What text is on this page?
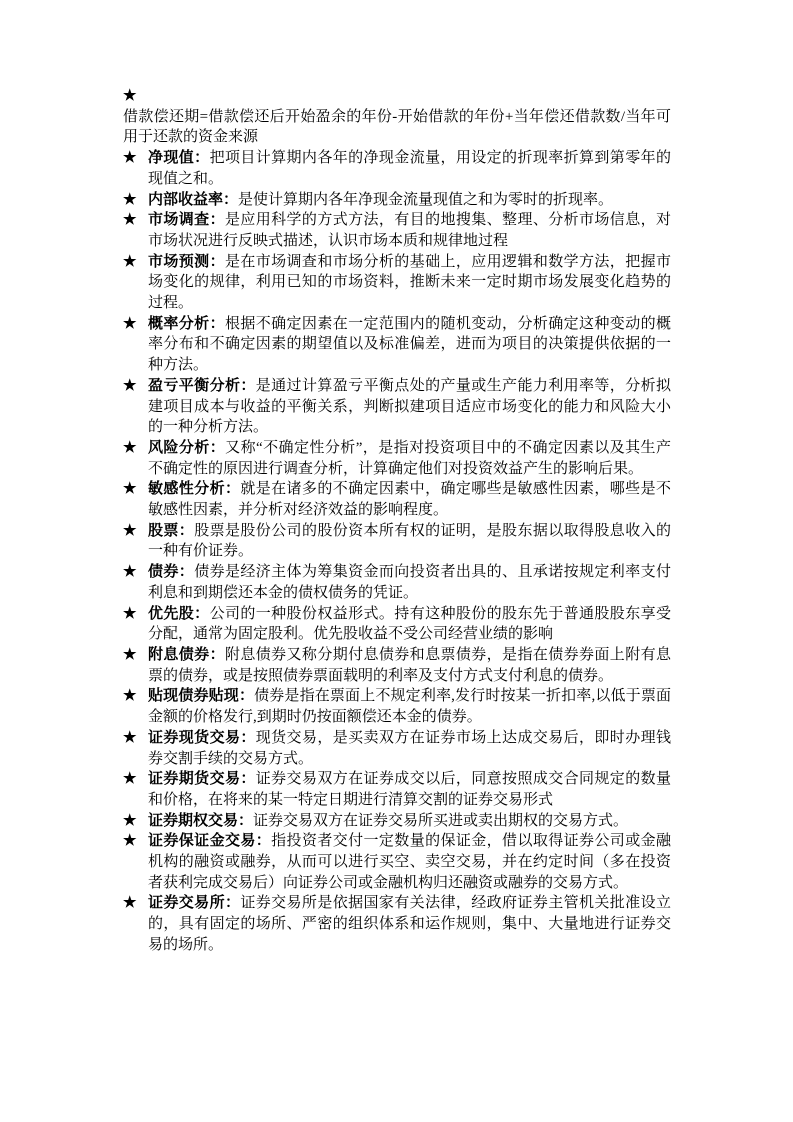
★
借款偿还期=借款偿还后开始盈余的年份-开始借款的年份+当年偿还借款数/当年可用于还款的资金来源
★ 净现值：把项目计算期内各年的净现金流量，用设定的折现率折算到第零年的现值之和。
★ 内部收益率：是使计算期内各年净现金流量现值之和为零时的折现率。
★ 市场调查：是应用科学的方式方法，有目的地搜集、整理、分析市场信息，对市场状况进行反映式描述，认识市场本质和规律地过程
★ 市场预测：是在市场调查和市场分析的基础上，应用逻辑和数学方法，把握市场变化的规律，利用已知的市场资料，推断未来一定时期市场发展变化趋势的过程。
★ 概率分析：根据不确定因素在一定范围内的随机变动，分析确定这种变动的概率分布和不确定因素的期望值以及标准偏差，进而为项目的决策提供依据的一种方法。
★ 盈亏平衡分析：是通过计算盈亏平衡点处的产量或生产能力利用率等，分析拟建项目成本与收益的平衡关系，判断拟建项目适应市场变化的能力和风险大小的一种分析方法。
★ 风险分析：又称“不确定性分析”，是指对投资项目中的不确定因素以及其生产不确定性的原因进行调查分析，计算确定他们对投资效益产生的影响后果。
★ 敏感性分析：就是在诸多的不确定因素中，确定哪些是敏感性因素，哪些是不敏感性因素，并分析对经济效益的影响程度。
★ 股票：股票是股份公司的股份资本所有权的证明，是股东据以取得股息收入的一种有价证券。
★ 债券：债券是经济主体为筹集资金而向投资者出具的、且承诺按规定利率支付利息和到期偿还本金的债权债务的凭证。
★ 优先股：公司的一种股份权益形式。持有这种股份的股东先于普通股股东享受分配，通常为固定股利。优先股收益不受公司经营业绩的影响
★ 附息债券：附息债券又称分期付息债券和息票债券，是指在债券券面上附有息票的债券，或是按照债券票面载明的利率及支付方式支付利息的债券。
★ 贴现债券贴现：债券是指在票面上不规定利率,发行时按某一折扣率,以低于票面金额的价格发行,到期时仍按面额偿还本金的债券。
★ 证券现货交易：现货交易，是买卖双方在证券市场上达成交易后，即时办理钱券交割手续的交易方式。
★ 证券期货交易：证券交易双方在证券成交以后，同意按照成交合同规定的数量和价格，在将来的某一特定日期进行清算交割的证券交易形式
★ 证券期权交易：证券交易双方在证券交易所买进或卖出期权的交易方式。
★ 证券保证金交易：指投资者交付一定数量的保证金，借以取得证券公司或金融机构的融资或融券，从而可以进行买空、卖空交易，并在约定时间（多在投资者获利完成交易后）向证券公司或金融机构归还融资或融券的交易方式。
★ 证券交易所：证券交易所是依据国家有关法律，经政府证券主管机关批准设立的，具有固定的场所、严密的组织体系和运作规则，集中、大量地进行证券交易的场所。
